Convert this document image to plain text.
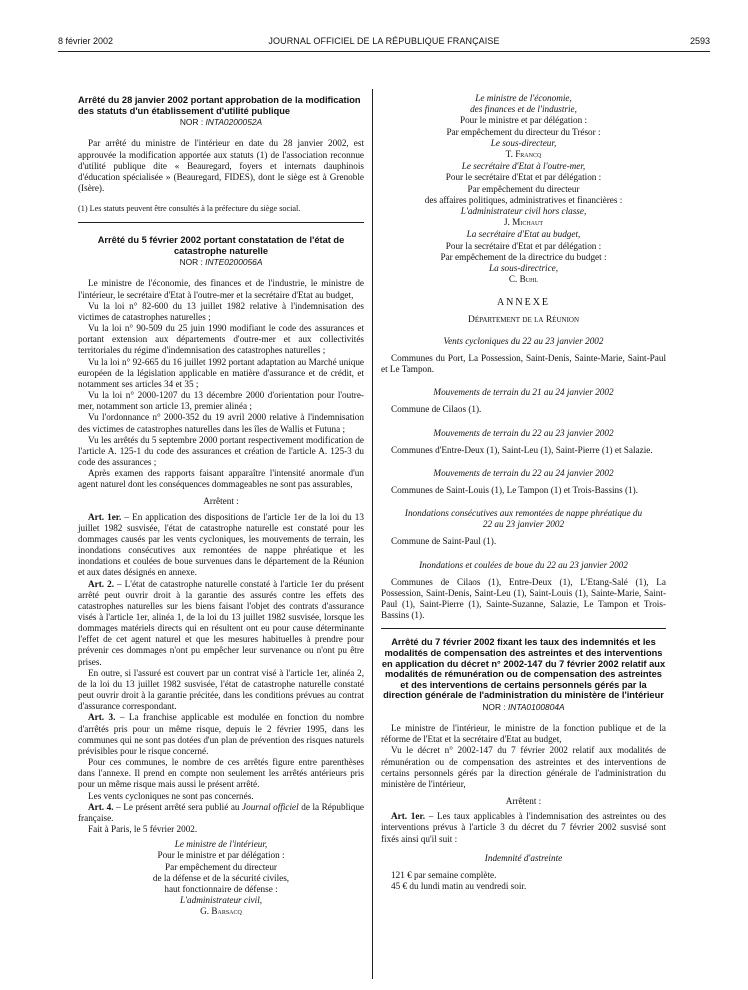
8 février 2002	JOURNAL OFFICIEL DE LA RÉPUBLIQUE FRANÇAISE	2593
Arrêté du 28 janvier 2002 portant approbation de la modification des statuts d'un établissement d'utilité publique
NOR : INTA0200052A

Par arrêté du ministre de l'intérieur en date du 28 janvier 2002, est approuvée la modification apportée aux statuts (1) de l'association reconnue d'utilité publique dite « Beauregard, foyers et internats dauphinois d'éducation spécialisée » (Beauregard, FIDES), dont le siège est à Grenoble (Isère).

(1) Les statuts peuvent être consultés à la préfecture du siège social.

Arrêté du 5 février 2002 portant constatation de l'état de catastrophe naturelle
NOR : INTE0200056A

Le ministre de l'économie, des finances et de l'industrie, le ministre de l'intérieur, le secrétaire d'Etat à l'outre-mer et la secrétaire d'Etat au budget,

Vu la loi n° 82-600 du 13 juillet 1982 relative à l'indemnisation des victimes de catastrophes naturelles ;

Vu la loi n° 90-509 du 25 juin 1990 modifiant le code des assurances et portant extension aux départements d'outre-mer et aux collectivités territoriales du régime d'indemnisation des catastrophes naturelles ;

Vu la loi n° 92-665 du 16 juillet 1992 portant adaptation au Marché unique européen de la législation applicable en matière d'assurance et de crédit, et notamment ses articles 34 et 35 ;

Vu la loi n° 2000-1207 du 13 décembre 2000 d'orientation pour l'outre-mer, notamment son article 13, premier alinéa ;

Vu l'ordonnance n° 2000-352 du 19 avril 2000 relative à l'indemnisation des victimes de catastrophes naturelles dans les îles de Wallis et Futuna ;

Vu les arrêtés du 5 septembre 2000 portant respectivement modification de l'article A. 125-1 du code des assurances et création de l'article A. 125-3 du code des assurances ;

Après examen des rapports faisant apparaître l'intensité anormale d'un agent naturel dont les conséquences dommageables ne sont pas assurables,

Arrêtent :

Art. 1er. – En application des dispositions de l'article 1er de la loi du 13 juillet 1982 susvisée, l'état de catastrophe naturelle est constaté pour les dommages causés par les vents cycloniques, les mouvements de terrain, les inondations consécutives aux remontées de nappe phréatique et les inondations et coulées de boue survenues dans le département de la Réunion et aux dates désignés en annexe.

Art. 2. – L'état de catastrophe naturelle constaté à l'article 1er du présent arrêté peut ouvrir droit à la garantie des assurés contre les effets des catastrophes naturelles sur les biens faisant l'objet des contrats d'assurance visés à l'article 1er, alinéa 1, de la loi du 13 juillet 1982 susvisée, lorsque les dommages matériels directs qui en résultent ont eu pour cause déterminante l'effet de cet agent naturel et que les mesures habituelles à prendre pour prévenir ces dommages n'ont pu empêcher leur survenance ou n'ont pu être prises.

En outre, si l'assuré est couvert par un contrat visé à l'article 1er, alinéa 2, de la loi du 13 juillet 1982 susvisée, l'état de catastrophe naturelle constaté peut ouvrir droit à la garantie précitée, dans les conditions prévues au contrat d'assurance correspondant.

Art. 3. – La franchise applicable est modulée en fonction du nombre d'arrêtés pris pour un même risque, depuis le 2 février 1995, dans les communes qui ne sont pas dotées d'un plan de prévention des risques naturels prévisibles pour le risque concerné.

Pour ces communes, le nombre de ces arrêtés figure entre parenthèses dans l'annexe. Il prend en compte non seulement les arrêtés antérieurs pris pour un même risque mais aussi le présent arrêté.

Les vents cycloniques ne sont pas concernés.

Art. 4. – Le présent arrêté sera publié au Journal officiel de la République française.

Fait à Paris, le 5 février 2002.

Le ministre de l'intérieur,
Pour le ministre et par délégation :
Par empêchement du directeur
de la défense et de la sécurité civiles,
haut fonctionnaire de défense :
L'administrateur civil,
G. Barsacq
Le ministre de l'économie,
des finances et de l'industrie,
Pour le ministre et par délégation :
Par empêchement du directeur du Trésor :
Le sous-directeur,
T. Francq
Le secrétaire d'Etat à l'outre-mer,
Pour le secrétaire d'Etat et par délégation :
Par empêchement du directeur
des affaires politiques, administratives et financières :
L'administrateur civil hors classe,
J. Michaut
La secrétaire d'Etat au budget,
Pour la secrétaire d'Etat et par délégation :
Par empêchement de la directrice du budget :
La sous-directrice,
C. Buhl
ANNEXE
Département de la Réunion
Vents cycloniques du 22 au 23 janvier 2002

Communes du Port, La Possession, Saint-Denis, Sainte-Marie, Saint-Paul et Le Tampon.

Mouvements de terrain du 21 au 24 janvier 2002

Commune de Cilaos (1).

Mouvements de terrain du 22 au 23 janvier 2002

Communes d'Entre-Deux (1), Saint-Leu (1), Saint-Pierre (1) et Salazie.

Mouvements de terrain du 22 au 24 janvier 2002

Communes de Saint-Louis (1), Le Tampon (1) et Trois-Bassins (1).

Inondations consécutives aux remontées de nappe phréatique du 22 au 23 janvier 2002

Commune de Saint-Paul (1).

Inondations et coulées de boue du 22 au 23 janvier 2002

Communes de Cilaos (1), Entre-Deux (1), L'Etang-Salé (1), La Possession, Saint-Denis, Saint-Leu (1), Saint-Louis (1), Sainte-Marie, Saint-Paul (1), Saint-Pierre (1), Sainte-Suzanne, Salazie, Le Tampon et Trois-Bassins (1).

Arrêté du 7 février 2002 fixant les taux des indemnités et les modalités de compensation des astreintes et des interventions en application du décret n° 2002-147 du 7 février 2002 relatif aux modalités de rémunération ou de compensation des astreintes et des interventions de certains personnels gérés par la direction générale de l'administration du ministère de l'intérieur
NOR : INTA0100804A

Le ministre de l'intérieur, le ministre de la fonction publique et de la réforme de l'Etat et la secrétaire d'Etat au budget,

Vu le décret n° 2002-147 du 7 février 2002 relatif aux modalités de rémunération ou de compensation des astreintes et des interventions de certains personnels gérés par la direction générale de l'administration du ministère de l'intérieur,

Arrêtent :

Art. 1er. – Les taux applicables à l'indemnisation des astreintes ou des interventions prévus à l'article 3 du décret du 7 février 2002 susvisé sont fixés ainsi qu'il suit :

Indemnité d'astreinte

121 € par semaine complète.

45 € du lundi matin au vendredi soir.
